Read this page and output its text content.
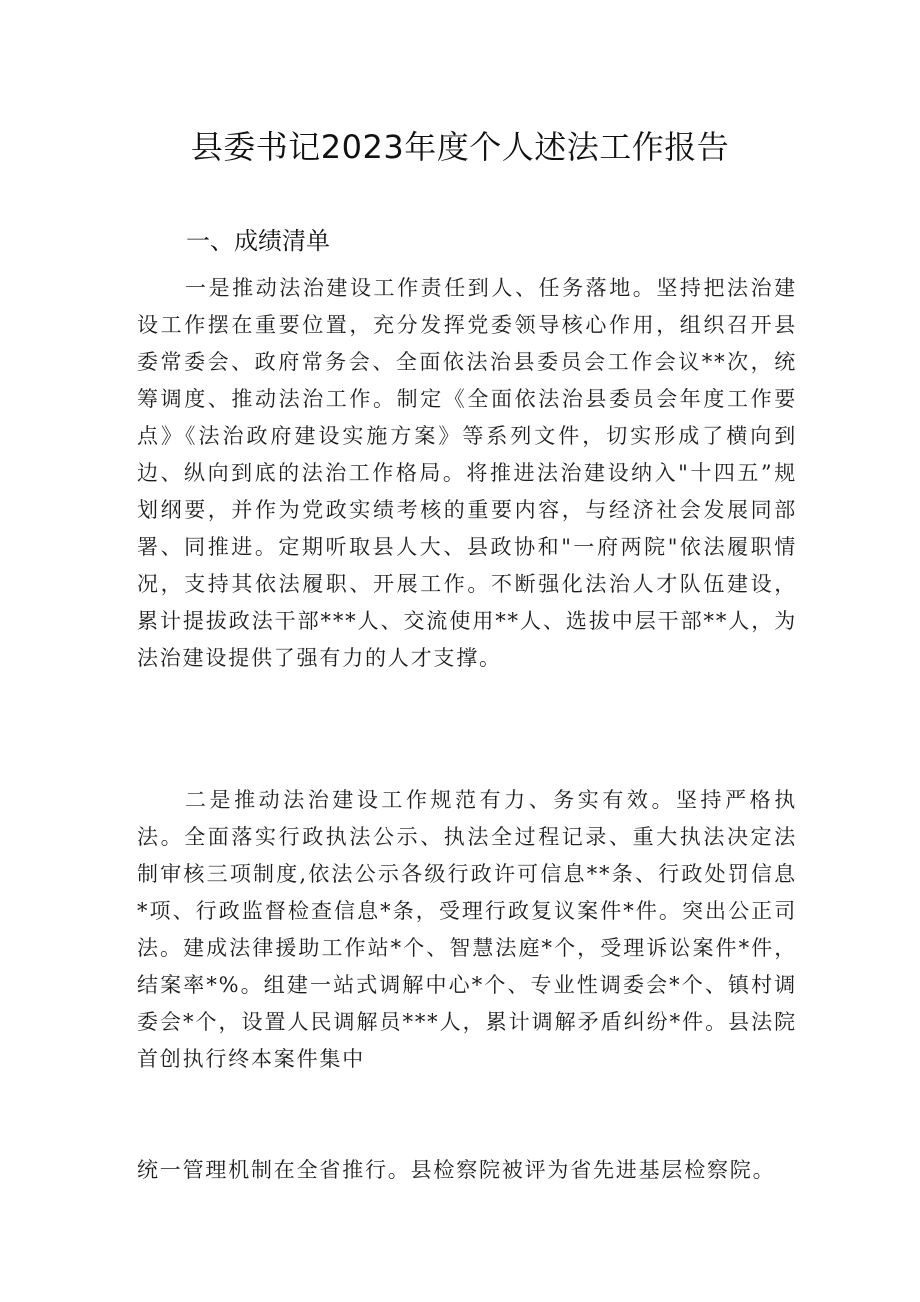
县委书记2023年度个人述法工作报告
一、成绩清单

一是推动法治建设工作责任到人、任务落地。坚持把法治建设工作摆在重要位置，充分发挥党委领导核心作用，组织召开县委常委会、政府常务会、全面依法治县委员会工作会议**次，统筹调度、推动法治工作。制定《全面依法治县委员会年度工作要点》《法治政府建设实施方案》等系列文件，切实形成了横向到边、纵向到底的法治工作格局。将推进法治建设纳入"十四五”规划纲要，并作为党政实绩考核的重要内容，与经济社会发展同部署、同推进。定期听取县人大、县政协和"一府两院"依法履职情况，支持其依法履职、开展工作。不断强化法治人才队伍建设，累计提拔政法干部***人、交流使用**人、选拔中层干部**人，为法治建设提供了强有力的人才支撑。

二是推动法治建设工作规范有力、务实有效。坚持严格执法。全面落实行政执法公示、执法全过程记录、重大执法决定法制审核三项制度,依法公示各级行政许可信息**条、行政处罚信息*项、行政监督检查信息*条，受理行政复议案件*件。突出公正司法。建成法律援助工作站*个、智慧法庭*个，受理诉讼案件*件，结案率*%。组建一站式调解中心*个、专业性调委会*个、镇村调委会*个，设置人民调解员***人，累计调解矛盾纠纷*件。县法院首创执行终本案件集中

统一管理机制在全省推行。县检察院被评为省先进基层检察院。
